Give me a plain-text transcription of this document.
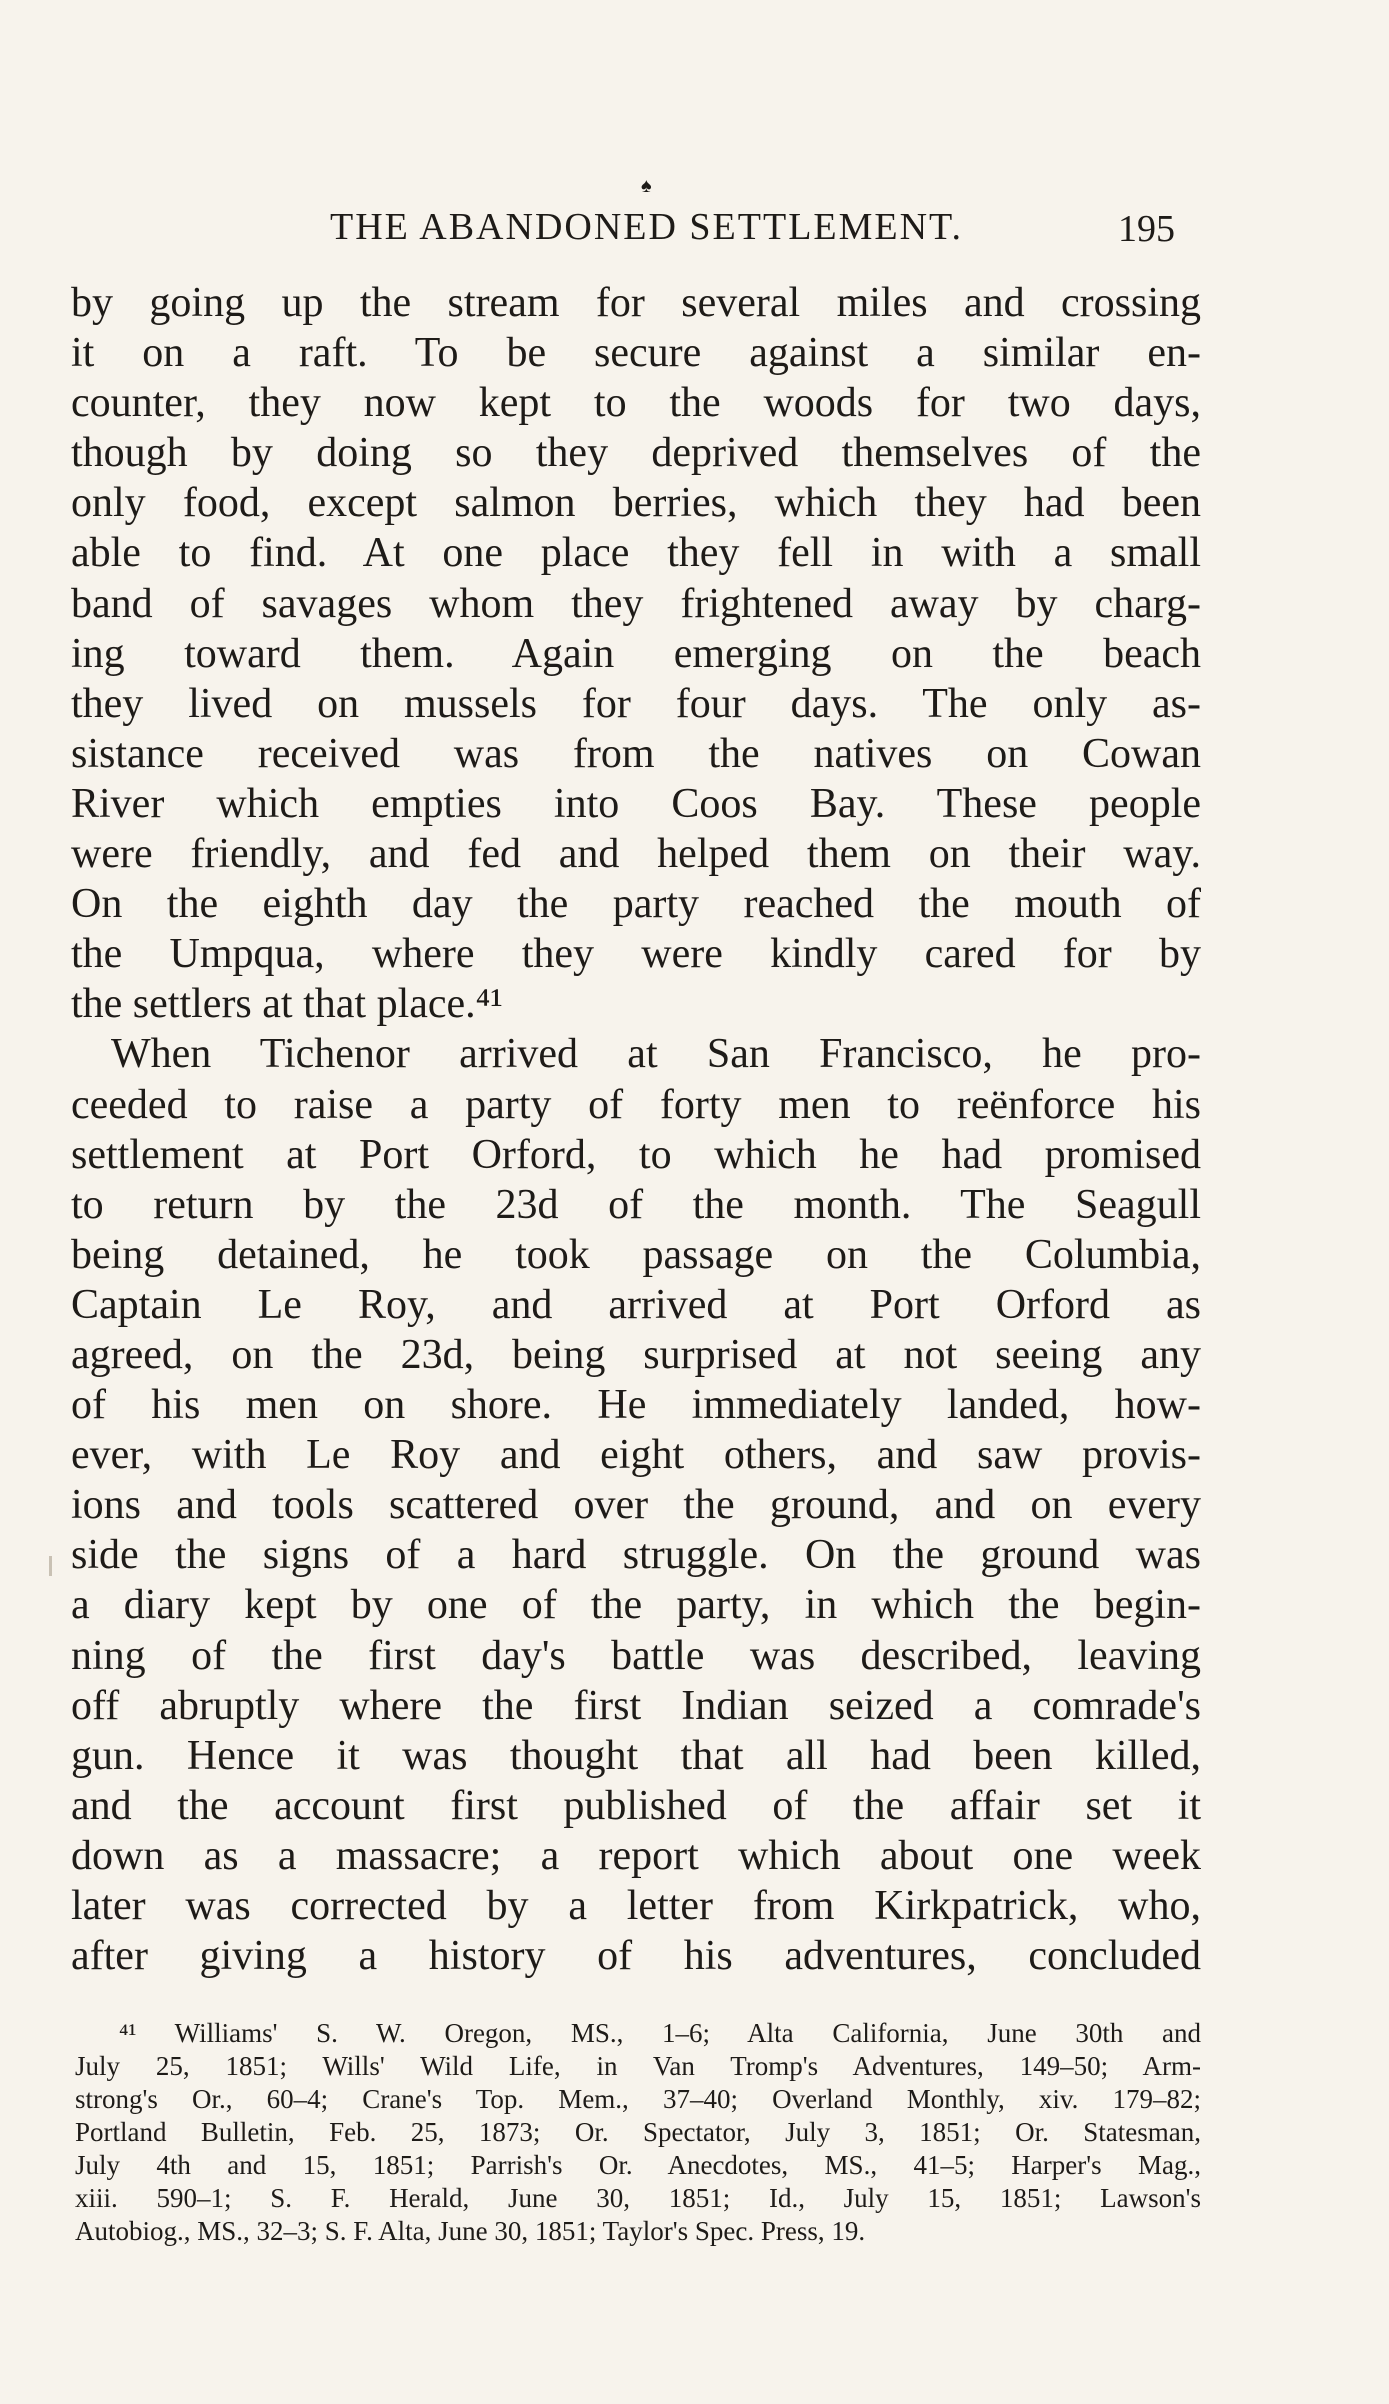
♠
THE ABANDONED SETTLEMENT.	195
by going up the stream for several miles and crossing
it on a raft. To be secure against a similar en-
counter, they now kept to the woods for two days,
though by doing so they deprived themselves of the
only food, except salmon berries, which they had been
able to find. At one place they fell in with a small
band of savages whom they frightened away by charg-
ing toward them. Again emerging on the beach
they lived on mussels for four days. The only as-
sistance received was from the natives on Cowan
River which empties into Coos Bay. These people
were friendly, and fed and helped them on their way.
On the eighth day the party reached the mouth of
the Umpqua, where they were kindly cared for by
the settlers at that place.⁴¹
When Tichenor arrived at San Francisco, he pro-
ceeded to raise a party of forty men to reënforce his
settlement at Port Orford, to which he had promised
to return by the 23d of the month. The Seagull
being detained, he took passage on the Columbia,
Captain Le Roy, and arrived at Port Orford as
agreed, on the 23d, being surprised at not seeing any
of his men on shore. He immediately landed, how-
ever, with Le Roy and eight others, and saw provis-
ions and tools scattered over the ground, and on every
side the signs of a hard struggle. On the ground was
a diary kept by one of the party, in which the begin-
ning of the first day's battle was described, leaving
off abruptly where the first Indian seized a comrade's
gun. Hence it was thought that all had been killed,
and the account first published of the affair set it
down as a massacre; a report which about one week
later was corrected by a letter from Kirkpatrick, who,
after giving a history of his adventures, concluded
⁴¹ Williams' S. W. Oregon, MS., 1–6; Alta California, June 30th and
July 25, 1851; Wills' Wild Life, in Van Tromp's Adventures, 149–50; Arm-
strong's Or., 60–4; Crane's Top. Mem., 37–40; Overland Monthly, xiv. 179–82;
Portland Bulletin, Feb. 25, 1873; Or. Spectator, July 3, 1851; Or. Statesman,
July 4th and 15, 1851; Parrish's Or. Anecdotes, MS., 41–5; Harper's Mag.,
xiii. 590–1; S. F. Herald, June 30, 1851; Id., July 15, 1851; Lawson's
Autobiog., MS., 32–3; S. F. Alta, June 30, 1851; Taylor's Spec. Press, 19.
